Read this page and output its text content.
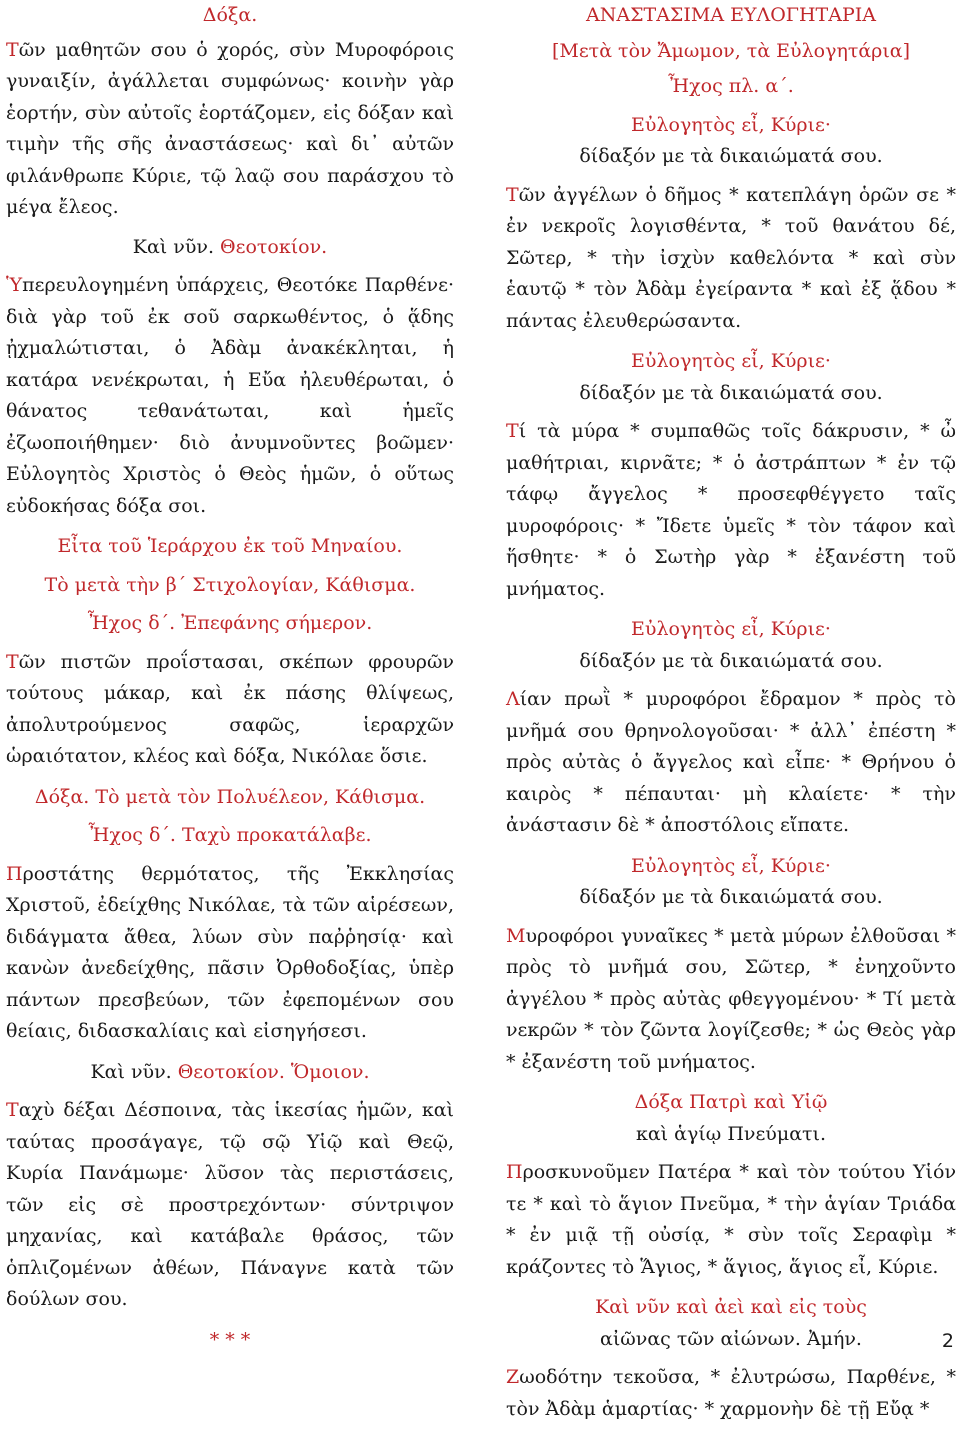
Δόξα.

Τῶν μαθητῶν σου ὁ χορός, σὺν Μυροφόροις γυναιξίν, ἀγάλλεται συμφώνως· κοινὴν γὰρ ἑορτήν, σὺν αὐτοῖς ἑορτάζομεν, εἰς δόξαν καὶ τιμὴν τῆς σῆς ἀναστάσεως· καὶ δι᾿ αὐτῶν φιλάνθρωπε Κύριε, τῷ λαῷ σου παράσχου τὸ μέγα ἔλεος.

Καὶ νῦν. Θεοτοκίον.

Ὑπερευλογημένη ὑπάρχεις, Θεοτόκε Παρθένε· διὰ γὰρ τοῦ ἐκ σοῦ σαρκωθέντος, ὁ ᾅδης ᾐχμαλώτισται, ὁ Ἀδὰμ ἀνακέκληται, ἡ κατάρα νενέκρωται, ἡ Εὔα ἠλευθέρωται, ὁ θάνατος τεθανάτωται, καὶ ἡμεῖς ἐζωοποιήθημεν· διὸ ἀνυμνοῦντες βοῶμεν· Εὐλογητὸς Χριστὸς ὁ Θεὸς ἡμῶν, ὁ οὕτως εὐδοκήσας δόξα σοι.

Εἶτα τοῦ Ἱεράρχου ἐκ τοῦ Μηναίου.

Τὸ μετὰ τὴν β´ Στιχολογίαν, Κάθισμα.

Ἦχος δ´. Ἐπεφάνης σήμερον.

Τῶν πιστῶν προΐστασαι, σκέπων φρουρῶν τούτους μάκαρ, καὶ ἐκ πάσης θλίψεως, ἀπολυτρούμενος σαφῶς, ἱεραρχῶν ὡραιότατον, κλέος καὶ δόξα, Νικόλαε ὅσιε.

Δόξα. Τὸ μετὰ τὸν Πολυέλεον, Κάθισμα.

Ἦχος δ´. Ταχὺ προκατάλαβε.

Προστάτης θερμότατος, τῆς Ἐκκλησίας Χριστοῦ, ἐδείχθης Νικόλαε, τὰ τῶν αἱρέσεων, διδάγματα ἄθεα, λύων σὺν παῤῥησίᾳ· καὶ κανὼν ἀνεδείχθης, πᾶσιν Ὀρθοδοξίας, ὑπὲρ πάντων πρεσβεύων, τῶν ἐφεπομένων σου θείαις, διδασκαλίαις καὶ εἰσηγήσεσι.

Καὶ νῦν. Θεοτοκίον. Ὅμοιον.

Ταχὺ δέξαι Δέσποινα, τὰς ἱκεσίας ἡμῶν, καὶ ταύτας προσάγαγε, τῷ σῷ Υἱῷ καὶ Θεῷ, Κυρία Πανάμωμε· λῦσον τὰς περιστάσεις, τῶν εἰς σὲ προστρεχόντων· σύντριψον μηχανίας, καὶ κατάβαλε θράσος, τῶν ὁπλιζομένων ἀθέων, Πάναγνε κατὰ τῶν δούλων σου.

* * *

ΑΝΑΣΤΑΣΙΜΑ ΕΥΛΟΓΗΤΑΡΙΑ

[Μετὰ τὸν Ἄμωμον, τὰ Εὐλογητάρια]

Ἦχος πλ. α´.

Εὐλογητὸς εἶ, Κύριε·

δίδαξόν με τὰ δικαιώματά σου.

Τῶν ἀγγέλων ὁ δῆμος * κατεπλάγη ὁρῶν σε * ἐν νεκροῖς λογισθέντα, * τοῦ θανάτου δέ, Σῶτερ, * τὴν ἰσχὺν καθελόντα * καὶ σὺν ἑαυτῷ * τὸν Ἀδὰμ ἐγείραντα * καὶ ἐξ ᾅδου * πάντας ἐλευθερώσαντα.

Εὐλογητὸς εἶ, Κύριε·

δίδαξόν με τὰ δικαιώματά σου.

Τί τὰ μύρα * συμπαθῶς τοῖς δάκρυσιν, * ὦ μαθήτριαι, κιρνᾶτε; * ὁ ἀστράπτων * ἐν τῷ τάφῳ ἄγγελος * προσεφθέγγετο ταῖς μυροφόροις· * Ἴδετε ὑμεῖς * τὸν τάφον καὶ ἥσθητε· * ὁ Σωτὴρ γὰρ * ἐξανέστη τοῦ μνήματος.

Εὐλογητὸς εἶ, Κύριε·

δίδαξόν με τὰ δικαιώματά σου.

Λίαν πρωῒ * μυροφόροι ἔδραμον * πρὸς τὸ μνῆμά σου θρηνολογοῦσαι· * ἀλλ᾿ ἐπέστη * πρὸς αὐτὰς ὁ ἄγγελος καὶ εἶπε· * Θρήνου ὁ καιρὸς * πέπαυται· μὴ κλαίετε· * τὴν ἀνάστασιν δὲ * ἀποστόλοις εἴπατε.

Εὐλογητὸς εἶ, Κύριε·

δίδαξόν με τὰ δικαιώματά σου.

Μυροφόροι γυναῖκες * μετὰ μύρων ἐλθοῦσαι * πρὸς τὸ μνῆμά σου, Σῶτερ, * ἐνηχοῦντο ἀγγέλου * πρὸς αὐτὰς φθεγγομένου· * Τί μετὰ νεκρῶν * τὸν ζῶντα λογίζεσθε; * ὡς Θεὸς γὰρ * ἐξανέστη τοῦ μνήματος.

Δόξα Πατρὶ καὶ Υἱῷ

καὶ ἁγίῳ Πνεύματι.

Προσκυνοῦμεν Πατέρα * καὶ τὸν τούτου Υἱόν τε * καὶ τὸ ἅγιον Πνεῦμα, * τὴν ἁγίαν Τριάδα * ἐν μιᾷ τῇ οὐσίᾳ, * σὺν τοῖς Σεραφὶμ * κράζοντες τὸ Ἅγιος, * ἅγιος, ἅγιος εἶ, Κύριε.

Καὶ νῦν καὶ ἀεὶ καὶ εἰς τοὺς

αἰῶνας τῶν αἰώνων. Ἀμήν.

Ζωοδότην τεκοῦσα, * ἐλυτρώσω, Παρθένε, * τὸν Ἀδὰμ ἁμαρτίας· * χαρμονὴν δὲ τῇ Εὔᾳ *

2
